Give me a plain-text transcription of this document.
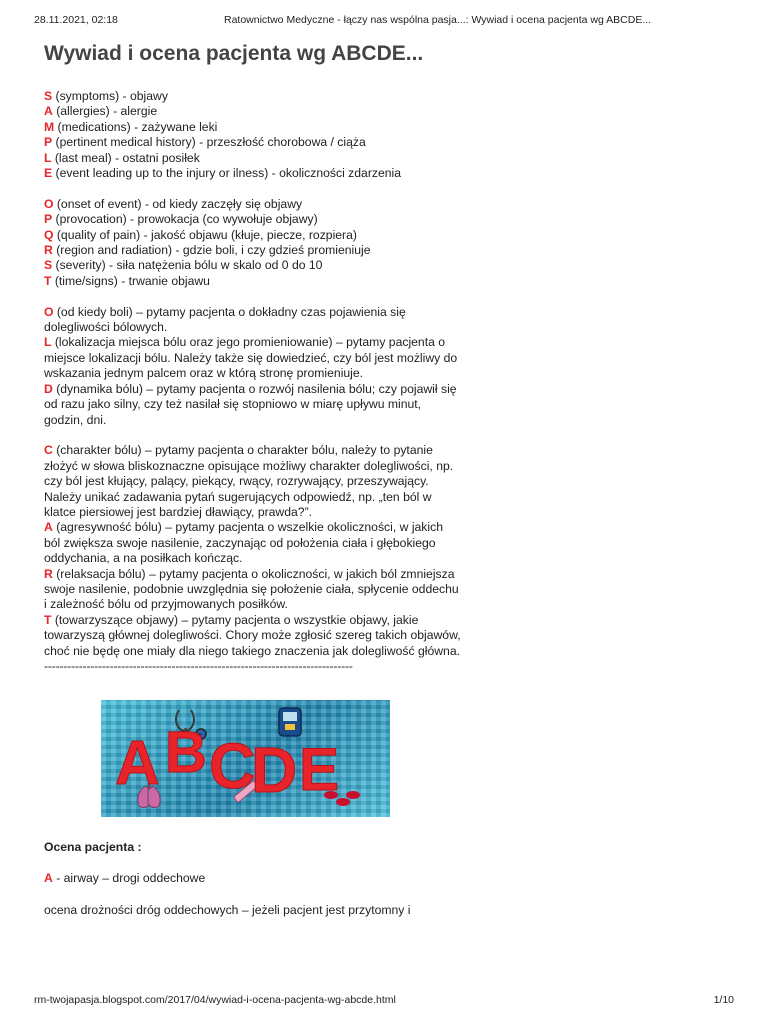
28.11.2021, 02:18	Ratownictwo Medyczne - łączy nas wspólna pasja...: Wywiad i ocena pacjenta wg ABCDE...
Wywiad i ocena pacjenta wg ABCDE...
S (symptoms) - objawy
A (allergies) - alergie
M (medications) - zażywane leki
P (pertinent medical history) - przeszłość chorobowa / ciąża
L (last meal) - ostatni posiłek
E (event leading up to the injury or ilness) - okoliczności zdarzenia
O (onset of event) - od kiedy zaczęły się objawy
P (provocation) - prowokacja (co wywołuje objawy)
Q (quality of pain) - jakość objawu (kłuje, piecze, rozpiera)
R (region and radiation) - gdzie boli, i czy gdzieś promieniuje
S (severity) - siła natężenia bólu w skalo od 0 do 10
T (time/signs) - trwanie objawu
O (od kiedy boli) – pytamy pacjenta o dokładny czas pojawienia się
dolegliwości bólowych.
L (lokalizacja miejsca bólu oraz jego promieniowanie) – pytamy pacjenta o
miejsce lokalizacji bólu. Należy także się dowiedzieć, czy ból jest możliwy do
wskazania jednym palcem oraz w którą stronę promieniuje.
D (dynamika bólu) – pytamy pacjenta o rozwój nasilenia bólu; czy pojawił się
od razu jako silny, czy też nasilał się stopniowo w miarę upływu minut,
godzin, dni.
C (charakter bólu) – pytamy pacjenta o charakter bólu, należy to pytanie
złożyć w słowa bliskoznaczne opisujące możliwy charakter dolegliwości, np.
czy ból jest kłujący, palący, piekący, rwący, rozrywający, przeszywający.
Należy unikać zadawania pytań sugerujących odpowiedź, np. „ten ból w
klatce piersiowej jest bardziej dławiący, prawda?”.
A (agresywność bólu) – pytamy pacjenta o wszelkie okoliczności, w jakich
ból zwiększa swoje nasilenie, zaczynając od położenia ciała i głębokiego
oddychania, a na posiłkach kończąc.
R (relaksacja bólu) – pytamy pacjenta o okoliczności, w jakich ból zmniejsza
swoje nasilenie, podobnie uwzględnia się położenie ciała, spłycenie oddechu
i zależność bólu od przyjmowanych posiłków.
T (towarzyszące objawy) – pytamy pacjenta o wszystkie objawy, jakie
towarzyszą głównej dolegliwości. Chory może zgłosić szereg takich objawów,
choć nie będę one miały dla niego takiego znaczenia jak dolegliwość główna.
--------------------------------------------------------------------------------
A B C
D E
Ocena pacjenta :
A - airway – drogi oddechowe
ocena drożności dróg oddechowych – jeżeli pacjent jest przytomny i
rm-twojapasja.blogspot.com/2017/04/wywiad-i-ocena-pacjenta-wg-abcde.html	1/10
